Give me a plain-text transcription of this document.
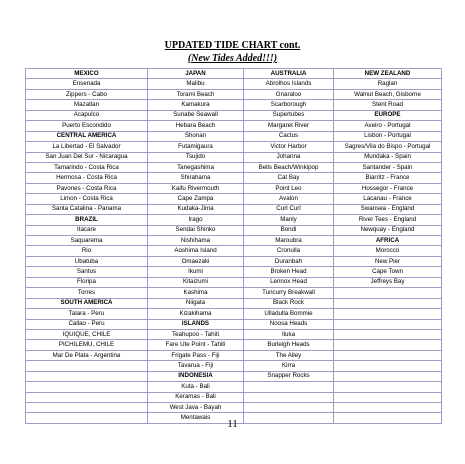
UPDATED TIDE CHART cont.
(New Tides Added!!!)
MEXICO	JAPAN	AUSTRALIA	NEW ZEALAND
Ensenada	Malibu	Abrolhos Islands	Raglan
Zippers - Cabo	Torami Beach	Gnaraloo	Walnut Beach, Gisborne
Mazatlan	Kamakura	Scarborough	Stent Road
Acapulco	Sunabe Seawall	Supertubes	EUROPE
Puerto Escondido	Hebara Beach	Margaret River	Aveiro - Portugal
CENTRAL AMERICA	Shonan	Cactus	Lisbon - Portugal
La Libertad - El Salvador	Futamigaura	Victor Harbor	Sagres/Vila do Bispo - Portugal
San Juan Del Sur - Nicaragua	Tsujido	Johanna	Mundaka - Spain
Tamarindo - Costa Rica	Tanegashima	Bells Beach/Winkipop	Santander - Spain
Hermosa - Costa Rica	Shirahama	Cat Bay	Biarritz - France
Pavones - Costa Rica	Kaifu Rivermouth	Point Leo	Hossegor - France
Limon - Costa Rica	Cape Zampa	Avalon	Lacanau - France
Santa Catalina - Panama	Kudaka-Jima	Curl Curl	Swansea - England
BRAZIL	Irago	Manly	River Tees - England
Itacare	Sendai Shinko	Bondi	Newquay - England
Saquarema	Nishihama	Maroubra	AFRICA
Rio	Aoshima Island	Cronulla	Morocco
Ubatuba	Omaezaki	Duranbah	New Pier
Santos	Ikumi	Broken Head	Cape Town
Floripa	Kitaizumi	Lennox Head	Jeffreys Bay
Torres	Kashima	Tuncurry Breakwall	
SOUTH AMERICA	Niigata	Black Rock	
Talara - Peru	Kizakihama	Ulladulla Bommie	
Callao - Peru	ISLANDS	Noosa Heads	
IQUIQUE, CHILE	Teahupoo - Tahiti	Iluka	
PICHILEMU, CHILE	Fare Ute Point - Tahiti	Burleigh Heads	
Mar De Plata - Argentina	Frigate Pass - Fiji	The Alley	
	Tavarua - Fiji	Kirra	
	INDONESIA	Snapper Rocks	
	Kuta - Bali		
	Keramas - Bali		
	West Java - Bayah		
	Mentawais		
11
